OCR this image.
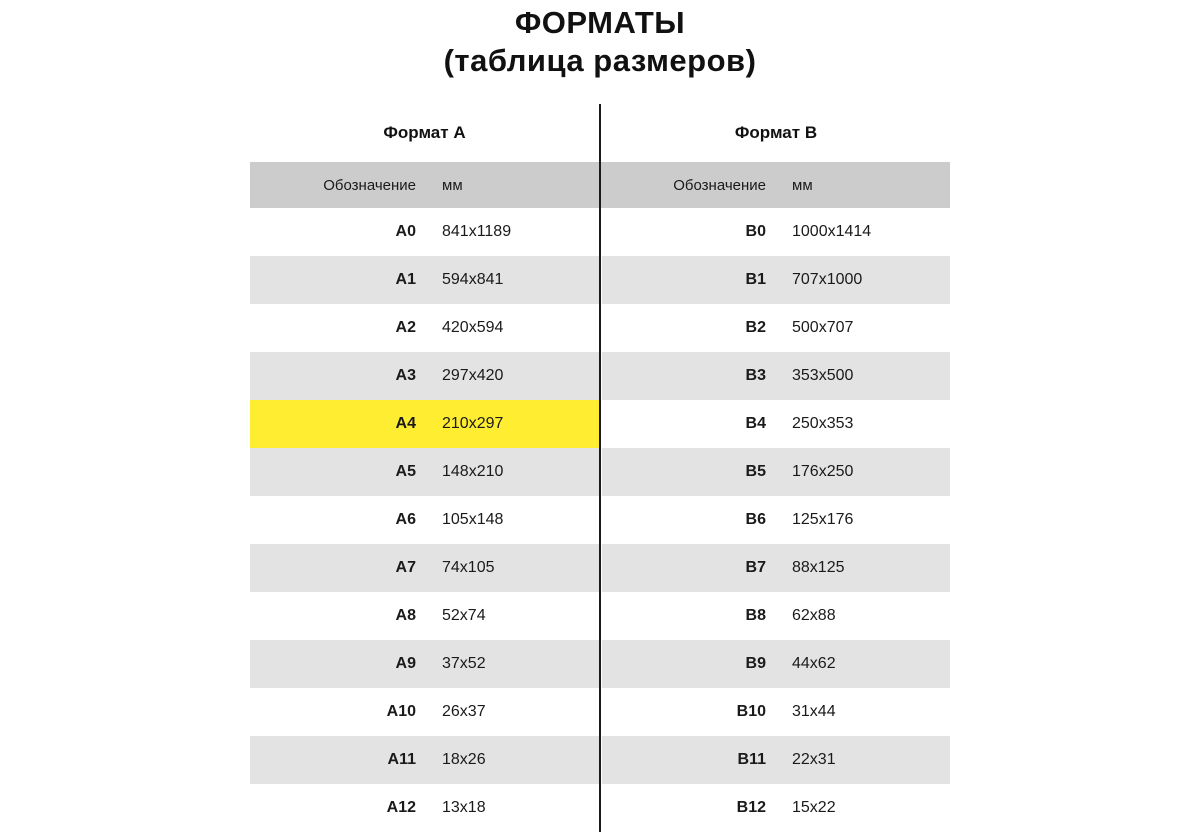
ФОРМАТЫ
(таблица размеров)
Формат A			Формат B	
Обозначение	мм		Обозначение	мм
A0	841x1189		B0	1000x1414
A1	594x841		B1	707x1000
A2	420x594		B2	500x707
A3	297x420		B3	353x500
A4	210x297		B4	250x353
A5	148x210		B5	176x250
A6	105x148		B6	125x176
A7	74x105		B7	88x125
A8	52x74		B8	62x88
A9	37x52		B9	44x62
A10	26x37		B10	31x44
A11	18x26		B11	22x31
A12	13x18		B12	15x22
